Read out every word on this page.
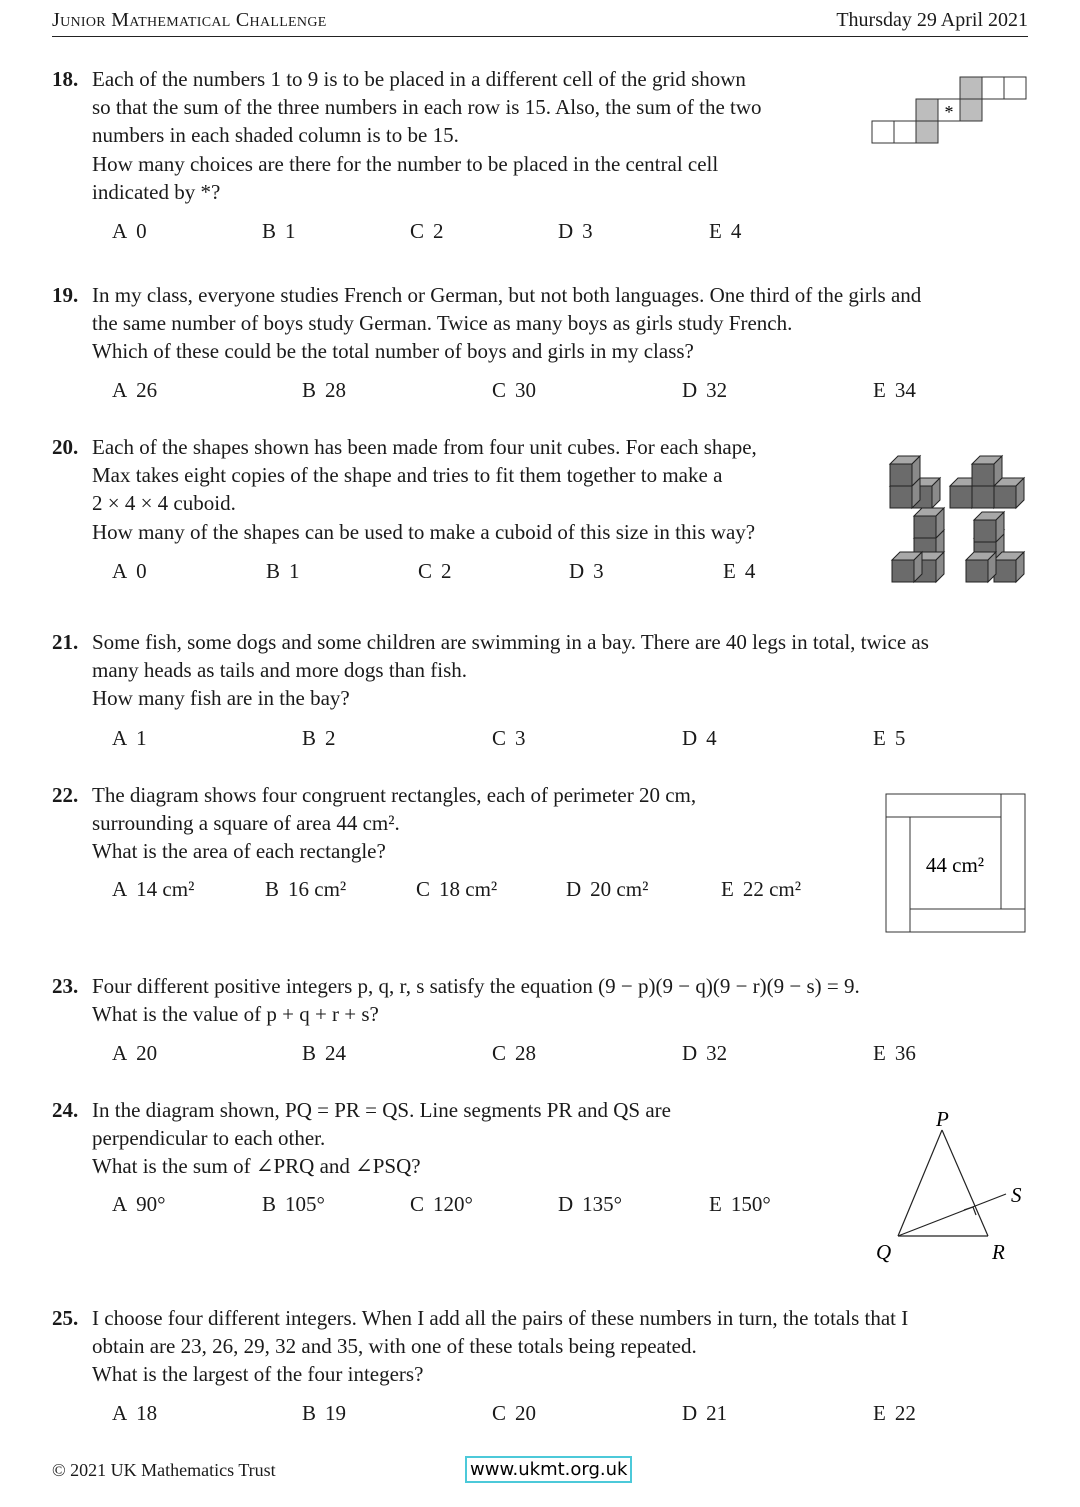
Junior Mathematical Challenge	Thursday 29 April 2021
18. Each of the numbers 1 to 9 is to be placed in a different cell of the grid shown
so that the sum of the three numbers in each row is 15. Also, the sum of the two
numbers in each shaded column is to be 15.
How many choices are there for the number to be placed in the central cell
indicated by *?
A 0	B 1	C 2	D 3	E 4
*
19. In my class, everyone studies French or German, but not both languages. One third of the girls and
the same number of boys study German. Twice as many boys as girls study French.
Which of these could be the total number of boys and girls in my class?
A 26	B 28	C 30	D 32	E 34
20. Each of the shapes shown has been made from four unit cubes. For each shape,
Max takes eight copies of the shape and tries to fit them together to make a
2 × 4 × 4 cuboid.
How many of the shapes can be used to make a cuboid of this size in this way?
A 0	B 1	C 2	D 3	E 4
21. Some fish, some dogs and some children are swimming in a bay. There are 40 legs in total, twice as
many heads as tails and more dogs than fish.
How many fish are in the bay?
A 1	B 2	C 3	D 4	E 5
22. The diagram shows four congruent rectangles, each of perimeter 20 cm,
surrounding a square of area 44 cm².
What is the area of each rectangle?
A 14 cm²	B 16 cm²	C 18 cm²	D 20 cm²	E 22 cm²
44 cm²
23. Four different positive integers p, q, r, s satisfy the equation (9 − p)(9 − q)(9 − r)(9 − s) = 9.
What is the value of p + q + r + s?
A 20	B 24	C 28	D 32	E 36
24. In the diagram shown, PQ = PR = QS. Line segments PR and QS are
perpendicular to each other.
What is the sum of ∠PRQ and ∠PSQ?
A 90°	B 105°	C 120°	D 135°	E 150°
P
Q	R
S
25. I choose four different integers. When I add all the pairs of these numbers in turn, the totals that I
obtain are 23, 26, 29, 32 and 35, with one of these totals being repeated.
What is the largest of the four integers?
A 18	B 19	C 20	D 21	E 22
© 2021 UK Mathematics Trust	www.ukmt.org.uk
